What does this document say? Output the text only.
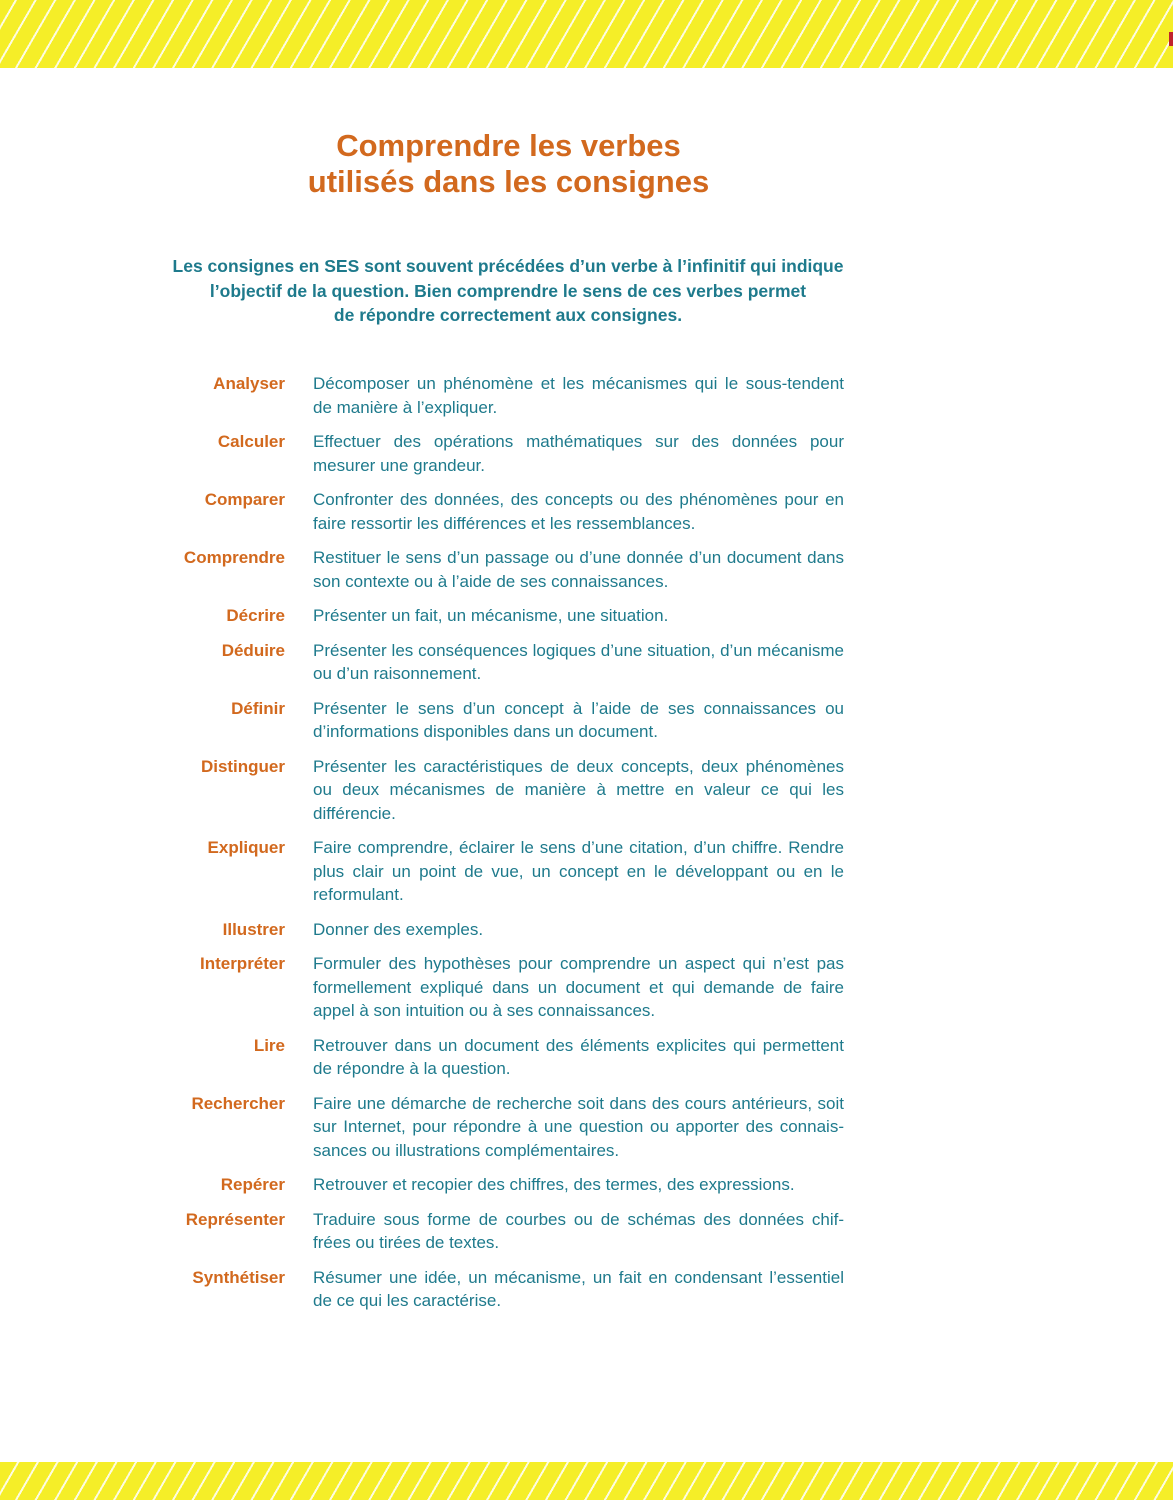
Comprendre les verbes
utilisés dans les consignes

Les consignes en SES sont souvent précédées d’un verbe à l’infinitif qui indique
l’objectif de la question. Bien comprendre le sens de ces verbes permet
de répondre correctement aux consignes.

Analyser Décomposer un phénomène et les mécanismes qui le sous-tendent de manière à l’expliquer.
Calculer Effectuer des opérations mathématiques sur des données pour mesurer une grandeur.
Comparer Confronter des données, des concepts ou des phénomènes pour en faire ressortir les différences et les ressemblances.
Comprendre Restituer le sens d’un passage ou d’une donnée d’un document dans son contexte ou à l’aide de ses connaissances.
Décrire Présenter un fait, un mécanisme, une situation.
Déduire Présenter les conséquences logiques d’une situation, d’un mécanisme ou d’un raisonnement.
Définir Présenter le sens d’un concept à l’aide de ses connaissances ou d’informations disponibles dans un document.
Distinguer Présenter les caractéristiques de deux concepts, deux phénomènes ou deux mécanismes de manière à mettre en valeur ce qui les différencie.
Expliquer Faire comprendre, éclairer le sens d’une citation, d’un chiffre. Rendre plus clair un point de vue, un concept en le développant ou en le reformulant.
Illustrer Donner des exemples.
Interpréter Formuler des hypothèses pour comprendre un aspect qui n’est pas formellement expliqué dans un document et qui demande de faire appel à son intuition ou à ses connaissances.
Lire Retrouver dans un document des éléments explicites qui permettent de répondre à la question.
Rechercher Faire une démarche de recherche soit dans des cours antérieurs, soit sur Internet, pour répondre à une question ou apporter des connaissances ou illustrations complémentaires.
Repérer Retrouver et recopier des chiffres, des termes, des expressions.
Représenter Traduire sous forme de courbes ou de schémas des données chiffrées ou tirées de textes.
Synthétiser Résumer une idée, un mécanisme, un fait en condensant l’essentiel de ce qui les caractérise.
